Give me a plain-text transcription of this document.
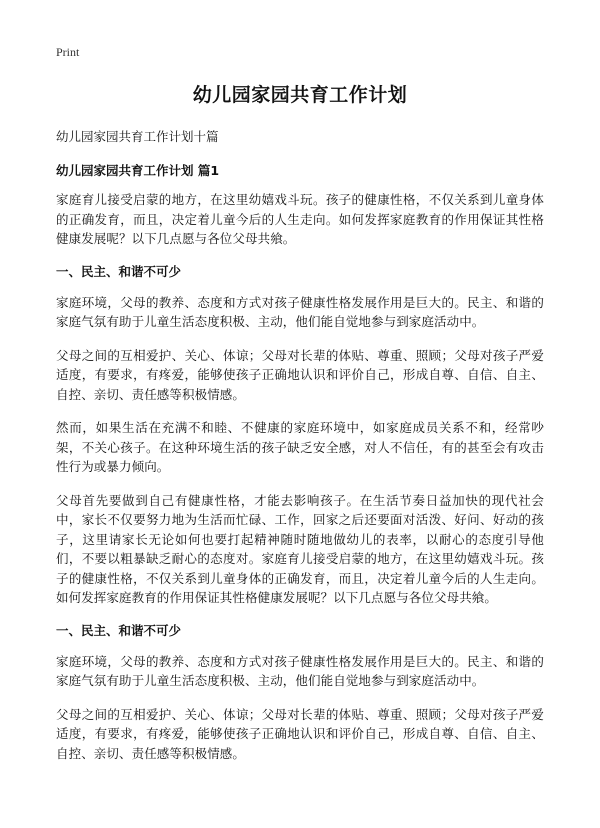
Print
幼儿园家园共育工作计划
幼儿园家园共育工作计划十篇
幼儿园家园共育工作计划 篇1
家庭育儿接受启蒙的地方，在这里幼嬉戏斗玩。孩子的健康性格，不仅关系到儿童身体的正确发育，而且，决定着儿童今后的人生走向。如何发挥家庭教育的作用保证其性格健康发展呢？以下几点愿与各位父母共飨。
一、民主、和谐不可少
家庭环境，父母的教养、态度和方式对孩子健康性格发展作用是巨大的。民主、和谐的家庭气氛有助于儿童生活态度积极、主动，他们能自觉地参与到家庭活动中。
父母之间的互相爱护、关心、体谅；父母对长辈的体贴、尊重、照顾；父母对孩子严爱适度，有要求，有疼爱，能够使孩子正确地认识和评价自己，形成自尊、自信、自主、自控、亲切、责任感等积极情感。
然而，如果生活在充满不和睦、不健康的家庭环境中，如家庭成员关系不和，经常吵架，不关心孩子。在这种环境生活的孩子缺乏安全感，对人不信任，有的甚至会有攻击性行为或暴力倾向。
父母首先要做到自己有健康性格，才能去影响孩子。在生活节奏日益加快的现代社会中，家长不仅要努力地为生活而忙碌、工作，回家之后还要面对活泼、好问、好动的孩子，这里请家长无论如何也要打起精神随时随地做幼儿的表率，以耐心的态度引导他们，不要以粗暴缺乏耐心的态度对。家庭育儿接受启蒙的地方，在这里幼嬉戏斗玩。孩子的健康性格，不仅关系到儿童身体的正确发育，而且，决定着儿童今后的人生走向。如何发挥家庭教育的作用保证其性格健康发展呢？以下几点愿与各位父母共飨。
一、民主、和谐不可少
家庭环境，父母的教养、态度和方式对孩子健康性格发展作用是巨大的。民主、和谐的家庭气氛有助于儿童生活态度积极、主动，他们能自觉地参与到家庭活动中。
父母之间的互相爱护、关心、体谅；父母对长辈的体贴、尊重、照顾；父母对孩子严爱适度，有要求，有疼爱，能够使孩子正确地认识和评价自己，形成自尊、自信、自主、自控、亲切、责任感等积极情感。
